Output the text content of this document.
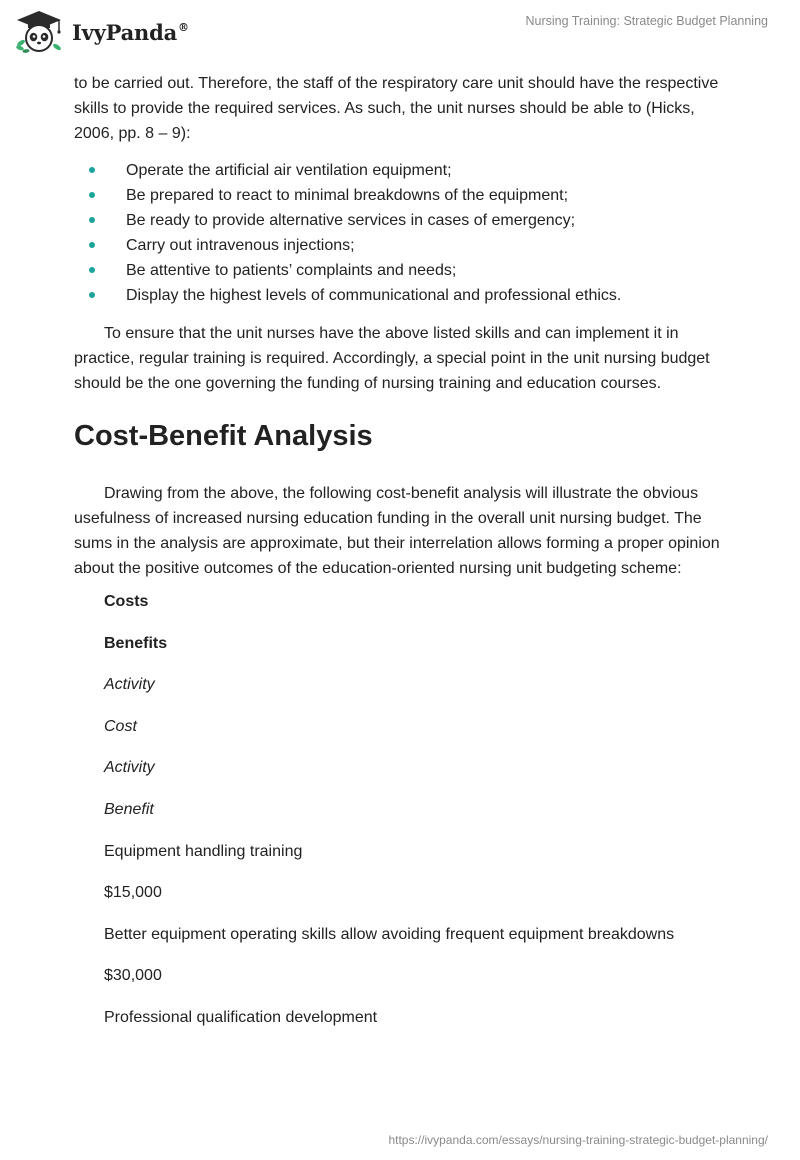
IvyPanda®	Nursing Training: Strategic Budget Planning

to be carried out. Therefore, the staff of the respiratory care unit should have the respective skills to provide the required services. As such, the unit nurses should be able to (Hicks, 2006, pp. 8 – 9):

Operate the artificial air ventilation equipment;
Be prepared to react to minimal breakdowns of the equipment;
Be ready to provide alternative services in cases of emergency;
Carry out intravenous injections;
Be attentive to patients’ complaints and needs;
Display the highest levels of communicational and professional ethics.

To ensure that the unit nurses have the above listed skills and can implement it in practice, regular training is required. Accordingly, a special point in the unit nursing budget should be the one governing the funding of nursing training and education courses.

Cost-Benefit Analysis

Drawing from the above, the following cost-benefit analysis will illustrate the obvious usefulness of increased nursing education funding in the overall unit nursing budget. The sums in the analysis are approximate, but their interrelation allows forming a proper opinion about the positive outcomes of the education-oriented nursing unit budgeting scheme:

Costs
Benefits
Activity
Cost
Activity
Benefit
Equipment handling training
$15,000
Better equipment operating skills allow avoiding frequent equipment breakdowns
$30,000
Professional qualification development
https://ivypanda.com/essays/nursing-training-strategic-budget-planning/
